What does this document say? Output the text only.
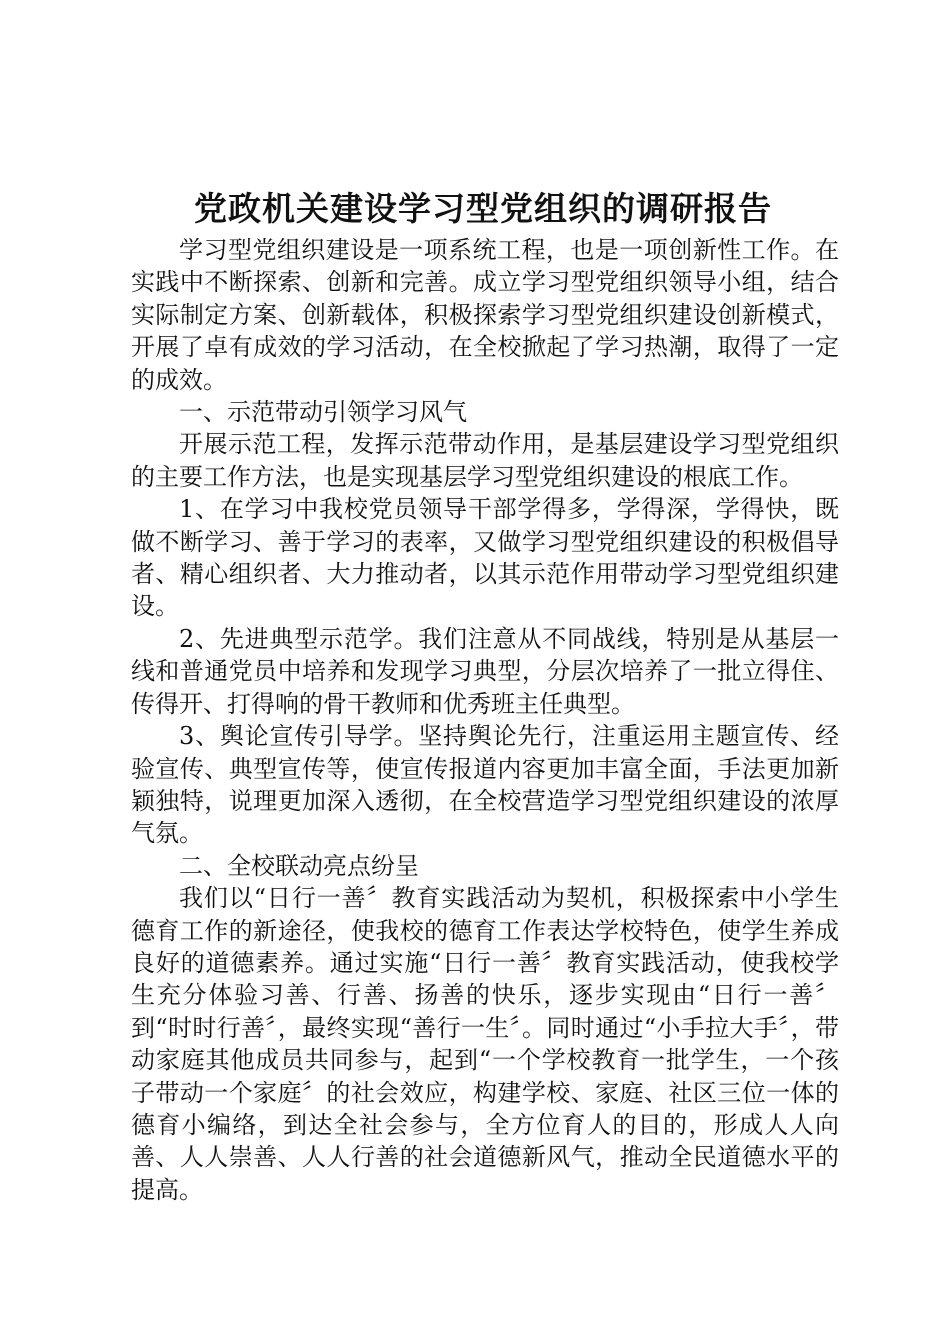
党政机关建设学习型党组织的调研报告

学习型党组织建设是一项系统工程，也是一项创新性工作。在实践中不断探索、创新和完善。成立学习型党组织领导小组，结合实际制定方案、创新载体，积极探索学习型党组织建设创新模式，开展了卓有成效的学习活动，在全校掀起了学习热潮，取得了一定的成效。

一、示范带动引领学习风气

开展示范工程，发挥示范带动作用，是基层建设学习型党组织的主要工作方法，也是实现基层学习型党组织建设的根底工作。

1、在学习中我校党员领导干部学得多，学得深，学得快，既做不断学习、善于学习的表率，又做学习型党组织建设的积极倡导者、精心组织者、大力推动者，以其示范作用带动学习型党组织建设。

2、先进典型示范学。我们注意从不同战线，特别是从基层一线和普通党员中培养和发现学习典型，分层次培养了一批立得住、传得开、打得响的骨干教师和优秀班主任典型。

3、舆论宣传引导学。坚持舆论先行，注重运用主题宣传、经验宣传、典型宣传等，使宣传报道内容更加丰富全面，手法更加新颖独特，说理更加深入透彻，在全校营造学习型党组织建设的浓厚气氛。

二、全校联动亮点纷呈

我们以“日行一善〞教育实践活动为契机，积极探索中小学生德育工作的新途径，使我校的德育工作表达学校特色，使学生养成良好的道德素养。通过实施“日行一善〞教育实践活动，使我校学生充分体验习善、行善、扬善的快乐，逐步实现由“日行一善〞到“时时行善〞，最终实现“善行一生〞。同时通过“小手拉大手〞，带动家庭其他成员共同参与，起到“一个学校教育一批学生，一个孩子带动一个家庭〞的社会效应，构建学校、家庭、社区三位一体的德育小编络，到达全社会参与，全方位育人的目的，形成人人向善、人人崇善、人人行善的社会道德新风气，推动全民道德水平的提高。
